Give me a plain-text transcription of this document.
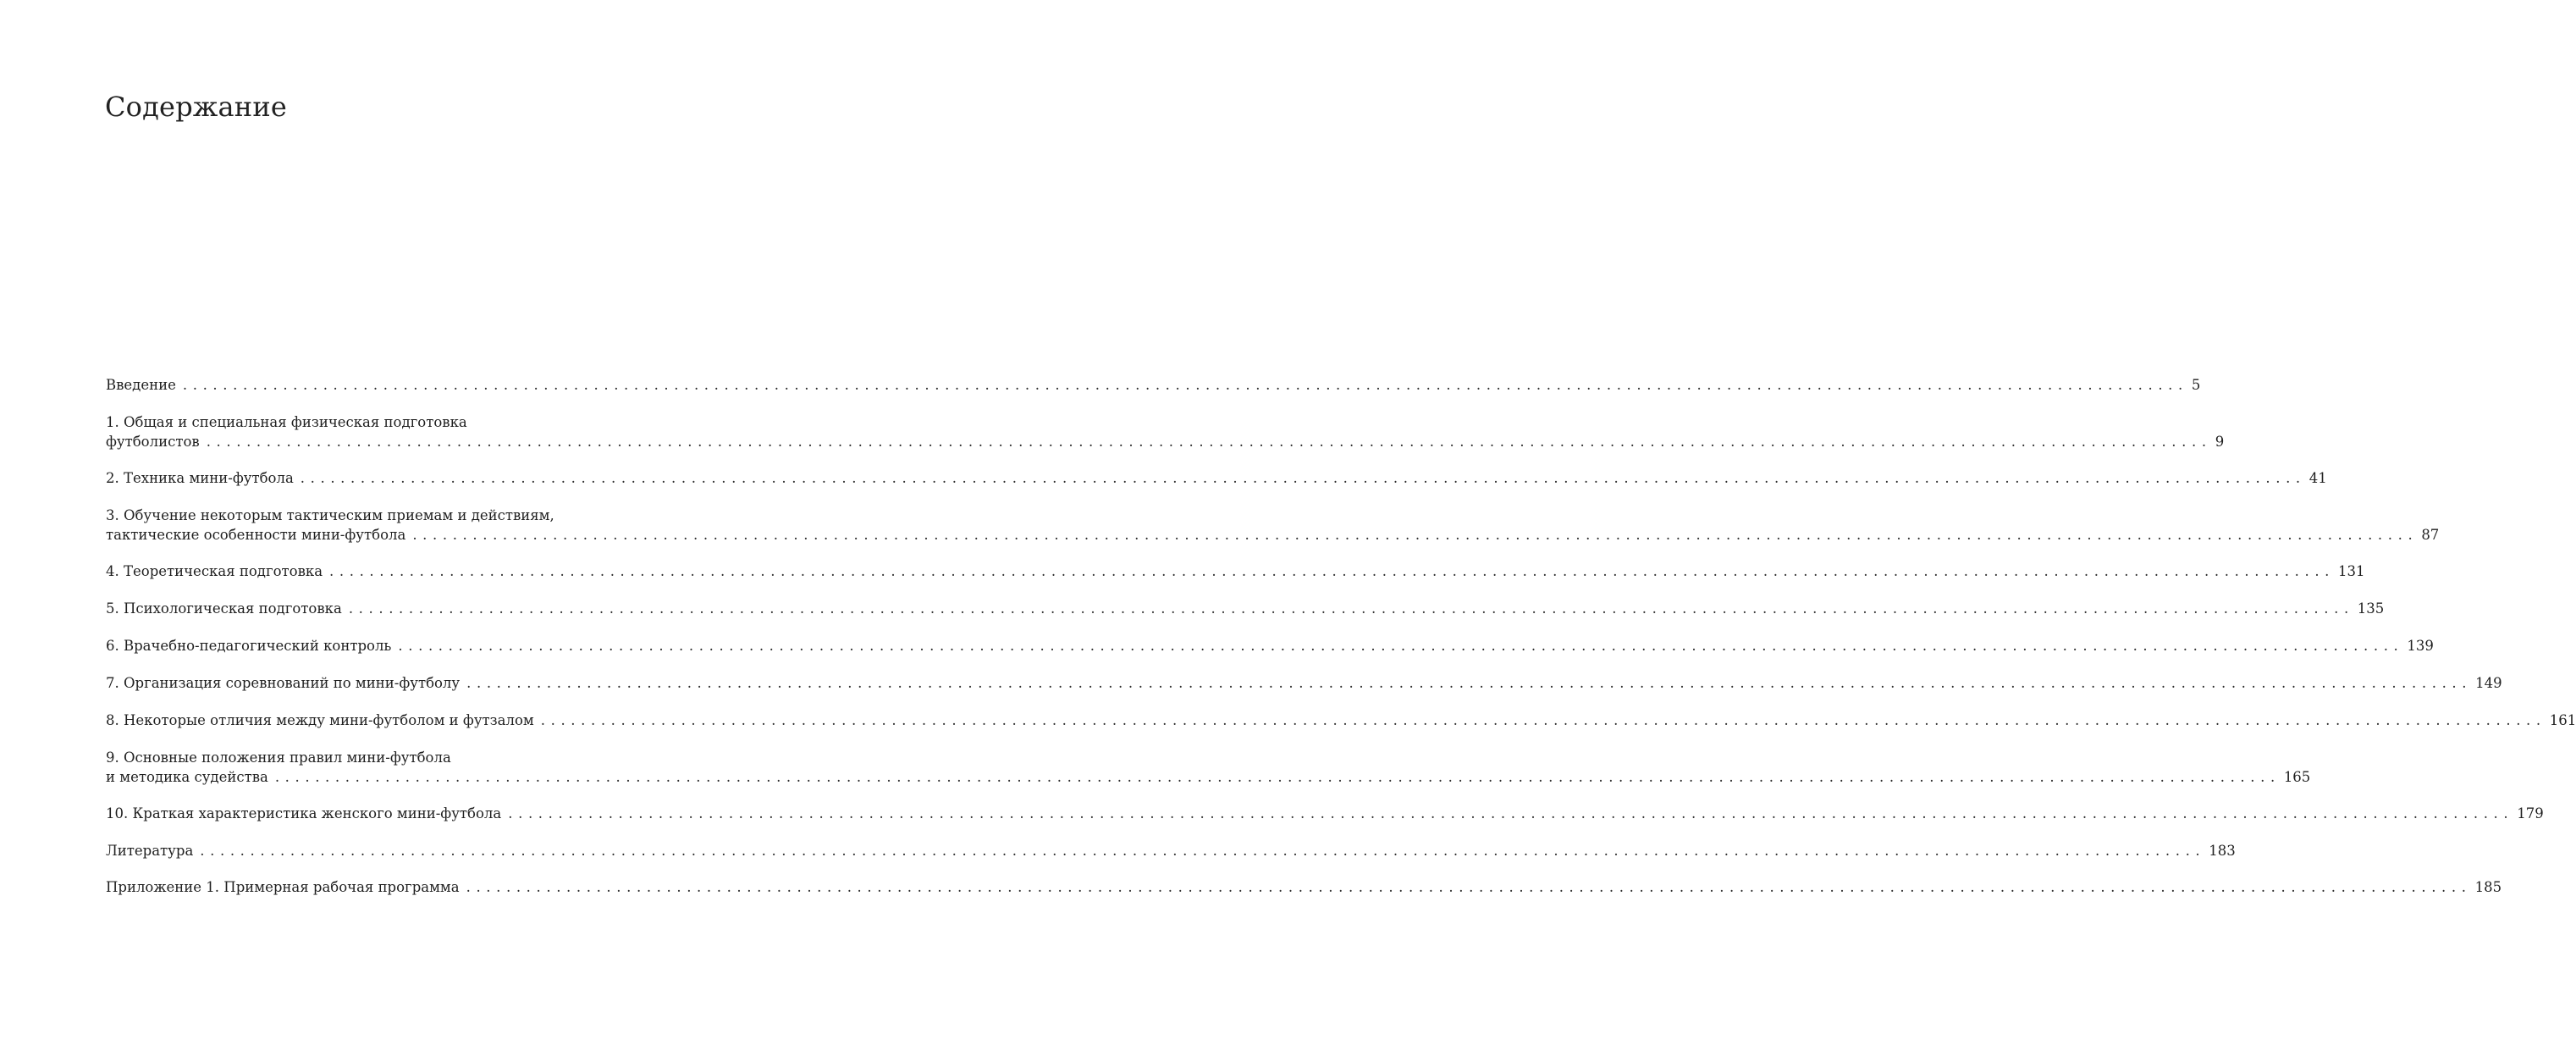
Содержание
Введение ........................................................................................................................................................................................................ 5
1. Общая и специальная физическая подготовка
футболистов ........................................................................................................................................................................................................ 9
2. Техника мини-футбола ........................................................................................................................................................................................................ 41
3. Обучение некоторым тактическим приемам и действиям,
тактические особенности мини-футбола ........................................................................................................................................................................................................ 87
4. Теоретическая подготовка ........................................................................................................................................................................................................ 131
5. Психологическая подготовка ........................................................................................................................................................................................................ 135
6. Врачебно-педагогический контроль ........................................................................................................................................................................................................ 139
7. Организация соревнований по мини-футболу ........................................................................................................................................................................................................ 149
8. Некоторые отличия между мини-футболом и футзалом ........................................................................................................................................................................................................ 161
9. Основные положения правил мини-футбола
и методика судейства ........................................................................................................................................................................................................ 165
10. Краткая характеристика женского мини-футбола ........................................................................................................................................................................................................ 179
Литература ........................................................................................................................................................................................................ 183
Приложение 1. Примерная рабочая программа ........................................................................................................................................................................................................ 185
